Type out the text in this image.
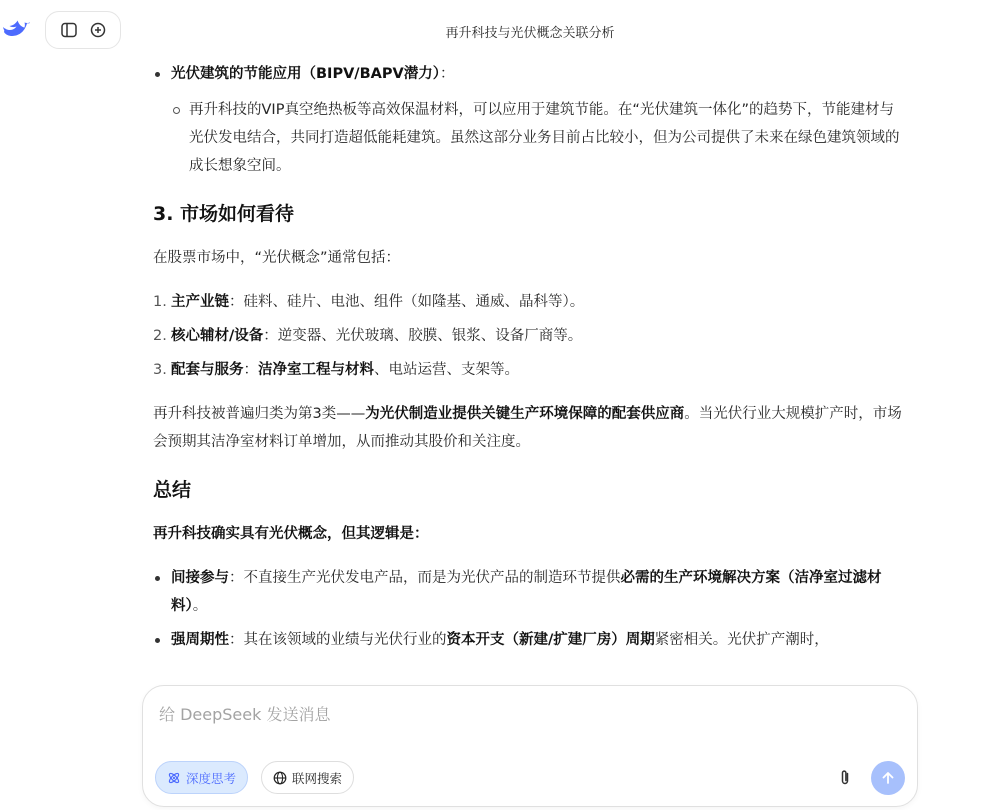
再升科技与光伏概念关联分析
光伏建筑的节能应用（BIPV/BAPV潜力）：
再升科技的VIP真空绝热板等高效保温材料，可以应用于建筑节能。在“光伏建筑一体化”的趋势下，节能建材与光伏发电结合，共同打造超低能耗建筑。虽然这部分业务目前占比较小，但为公司提供了未来在绿色建筑领域的成长想象空间。
3. 市场如何看待

在股票市场中，“光伏概念”通常包括：

1. 主产业链：硅料、硅片、电池、组件（如隆基、通威、晶科等）。
2. 核心辅材/设备：逆变器、光伏玻璃、胶膜、银浆、设备厂商等。
3. 配套与服务：洁净室工程与材料、电站运营、支架等。

再升科技被普遍归类为第3类——为光伏制造业提供关键生产环境保障的配套供应商。当光伏行业大规模扩产时，市场会预期其洁净室材料订单增加，从而推动其股价和关注度。

总结

再升科技确实具有光伏概念，但其逻辑是：

间接参与：不直接生产光伏发电产品，而是为光伏产品的制造环节提供必需的生产环境解决方案（洁净室过滤材料）。
强周期性：其在该领域的业绩与光伏行业的资本开支（新建/扩建厂房）周期紧密相关。光伏扩产潮时，
给 DeepSeek 发送消息
深度思考	联网搜索
